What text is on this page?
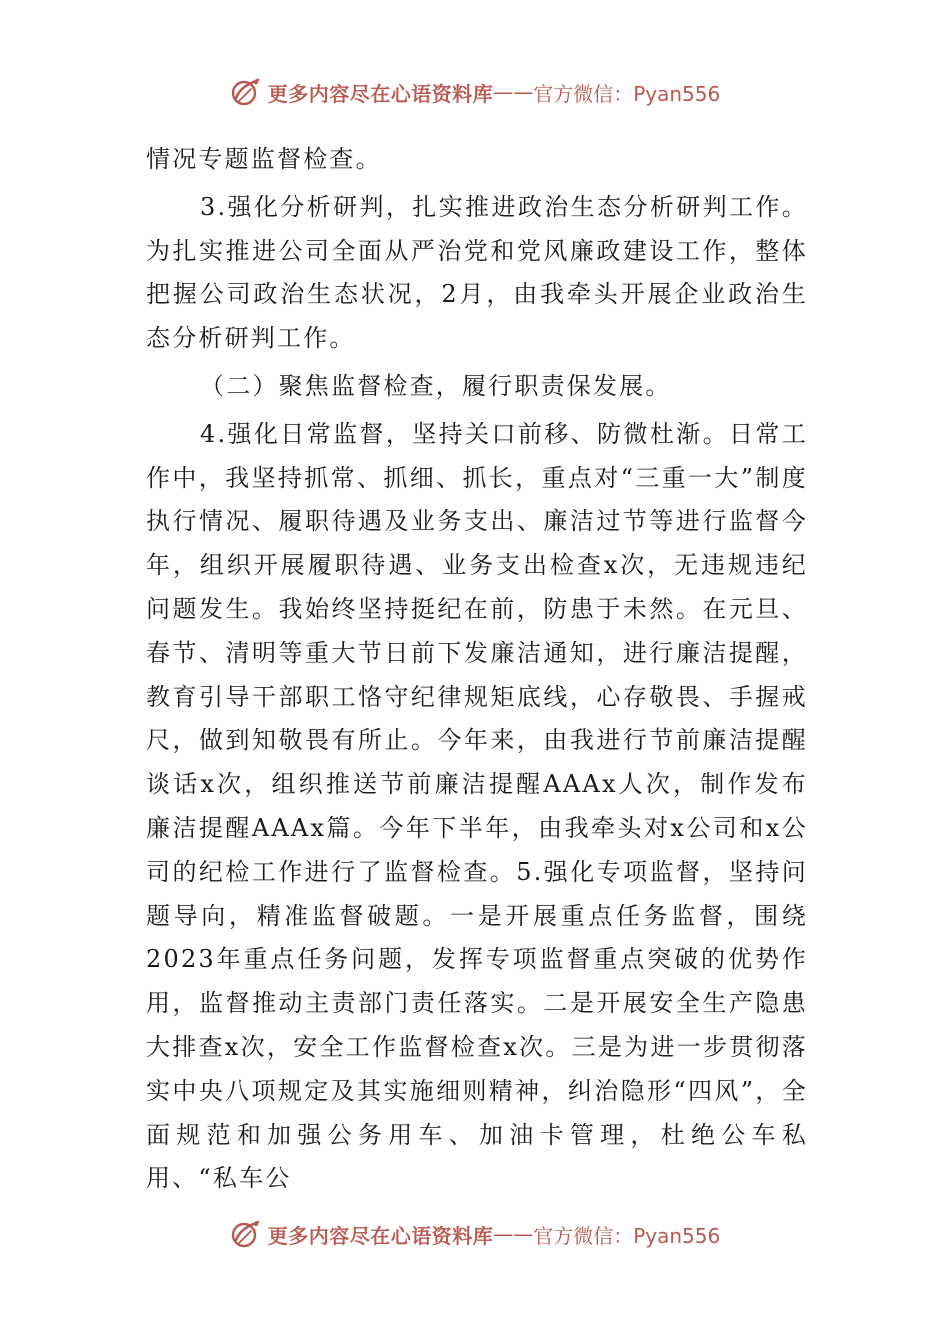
更多内容尽在心语资料库 —— 官方微信：Pyan556

情况专题监督检查。

3.强化分析研判，扎实推进政治生态分析研判工作。为扎实推进公司全面从严治党和党风廉政建设工作，整体把握公司政治生态状况，2月，由我牵头开展企业政治生态分析研判工作。

（二）聚焦监督检查，履行职责保发展。

4.强化日常监督，坚持关口前移、防微杜渐。日常工作中，我坚持抓常、抓细、抓长，重点对“三重一大”制度执行情况、履职待遇及业务支出、廉洁过节等进行监督今年，组织开展履职待遇、业务支出检查x次，无违规违纪问题发生。我始终坚持挺纪在前，防患于未然。在元旦、春节、清明等重大节日前下发廉洁通知，进行廉洁提醒，教育引导干部职工恪守纪律规矩底线，心存敬畏、手握戒尺，做到知敬畏有所止。今年来，由我进行节前廉洁提醒谈话x次，组织推送节前廉洁提醒AAAx人次，制作发布廉洁提醒AAAx篇。今年下半年，由我牵头对x公司和x公司的纪检工作进行了监督检查。5.强化专项监督，坚持问题导向，精准监督破题。一是开展重点任务监督，围绕2023年重点任务问题，发挥专项监督重点突破的优势作用，监督推动主责部门责任落实。二是开展安全生产隐患大排查x次，安全工作监督检查x次。三是为进一步贯彻落实中央八项规定及其实施细则精神，纠治隐形“四风”，全面规范和加强公务用车、加油卡管理，杜绝公车私用、“私车公

更多内容尽在心语资料库 —— 官方微信：Pyan556
